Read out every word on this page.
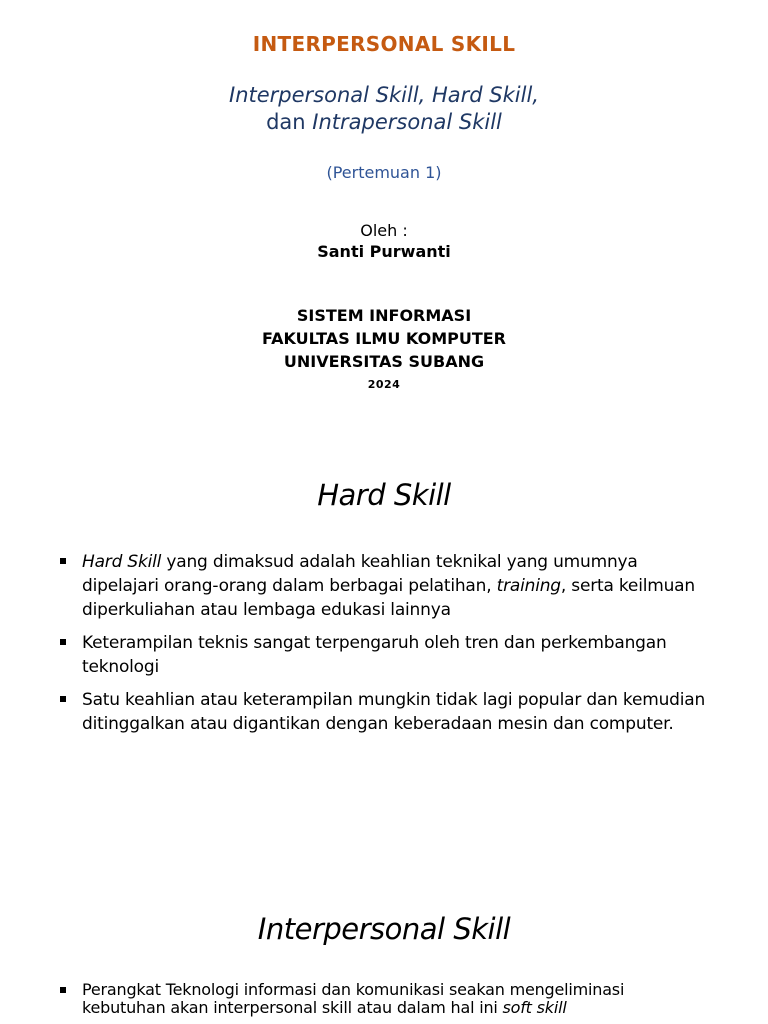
INTERPERSONAL SKILL
Interpersonal Skill, Hard Skill,
dan Intrapersonal Skill
(Pertemuan 1)
Oleh :
Santi Purwanti
SISTEM INFORMASI
FAKULTAS ILMU KOMPUTER
UNIVERSITAS SUBANG
2024
Hard Skill
Hard Skill yang dimaksud adalah keahlian teknikal yang umumnya dipelajari orang-orang dalam berbagai pelatihan, training, serta keilmuan diperkuliahan atau lembaga edukasi lainnya
Keterampilan teknis sangat terpengaruh oleh tren dan perkembangan teknologi
Satu keahlian atau keterampilan mungkin tidak lagi popular dan kemudian ditinggalkan atau digantikan dengan keberadaan mesin dan computer.
Interpersonal Skill
Perangkat Teknologi informasi dan komunikasi seakan mengeliminasi kebutuhan akan interpersonal skill atau dalam hal ini soft skill
